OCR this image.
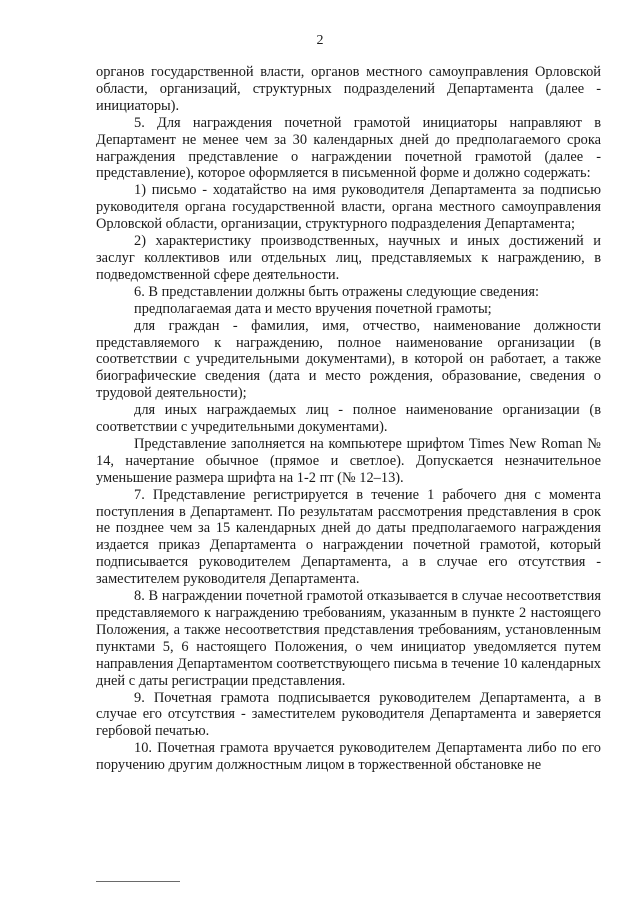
2

органов государственной власти, органов местного самоуправления Орловской области, организаций, структурных подразделений Департамента (далее - инициаторы).

5. Для награждения почетной грамотой инициаторы направляют в Департамент не менее чем за 30 календарных дней до предполагаемого срока награждения представление о награждении почетной грамотой (далее - представление), которое оформляется в письменной форме и должно содержать:

1) письмо - ходатайство на имя руководителя Департамента за подписью руководителя органа государственной власти, органа местного самоуправления Орловской области, организации, структурного подразделения Департамента;

2) характеристику производственных, научных и иных достижений и заслуг коллективов или отдельных лиц, представляемых к награждению, в подведомственной сфере деятельности.

6. В представлении должны быть отражены следующие сведения:

предполагаемая дата и место вручения почетной грамоты;

для граждан - фамилия, имя, отчество, наименование должности представляемого к награждению, полное наименование организации (в соответствии с учредительными документами), в которой он работает, а также биографические сведения (дата и место рождения, образование, сведения о трудовой деятельности);

для иных награждаемых лиц - полное наименование организации (в соответствии с учредительными документами).

Представление заполняется на компьютере шрифтом Times New Roman № 14, начертание обычное (прямое и светлое). Допускается незначительное уменьшение размера шрифта на 1-2 пт (№ 12–13).

7. Представление регистрируется в течение 1 рабочего дня с момента поступления в Департамент. По результатам рассмотрения представления в срок не позднее чем за 15 календарных дней до даты предполагаемого награждения издается приказ Департамента о награждении почетной грамотой, который подписывается руководителем Департамента, а в случае его отсутствия - заместителем руководителя Департамента.

8. В награждении почетной грамотой отказывается в случае несоответствия представляемого к награждению требованиям, указанным в пункте 2 настоящего Положения, а также несоответствия представления требованиям, установленным пунктами 5, 6 настоящего Положения, о чем инициатор уведомляется путем направления Департаментом соответствующего письма в течение 10 календарных дней с даты регистрации представления.

9. Почетная грамота подписывается руководителем Департамента, а в случае его отсутствия - заместителем руководителя Департамента и заверяется гербовой печатью.

10. Почетная грамота вручается руководителем Департамента либо по его поручению другим должностным лицом в торжественной обстановке не
